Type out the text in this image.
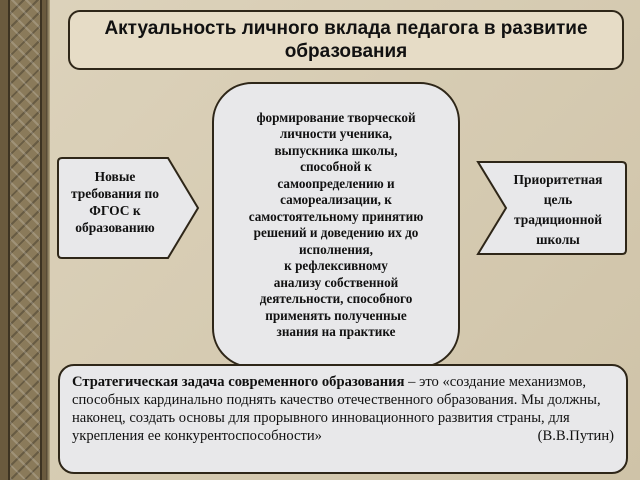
Актуальность личного вклада педагога в развитие образования
Новые
требования по
ФГОС к
образованию
Приоритетная
цель
традиционной
школы
формирование творческой
личности ученика,
выпускника школы,
способной к
самоопределению и
самореализации, к
самостоятельному принятию
решений и доведению их до
исполнения,
к рефлексивному
анализу собственной
деятельности, способного
применять полученные
знания на практике

Стратегическая задача современного образования – это «создание механизмов, способных кардинально поднять качество отечественного образования. Мы должны, наконец, создать основы для прорывного инновационного развития страны, для укрепления ее конкурентоспособности»	(В.В.Путин)
